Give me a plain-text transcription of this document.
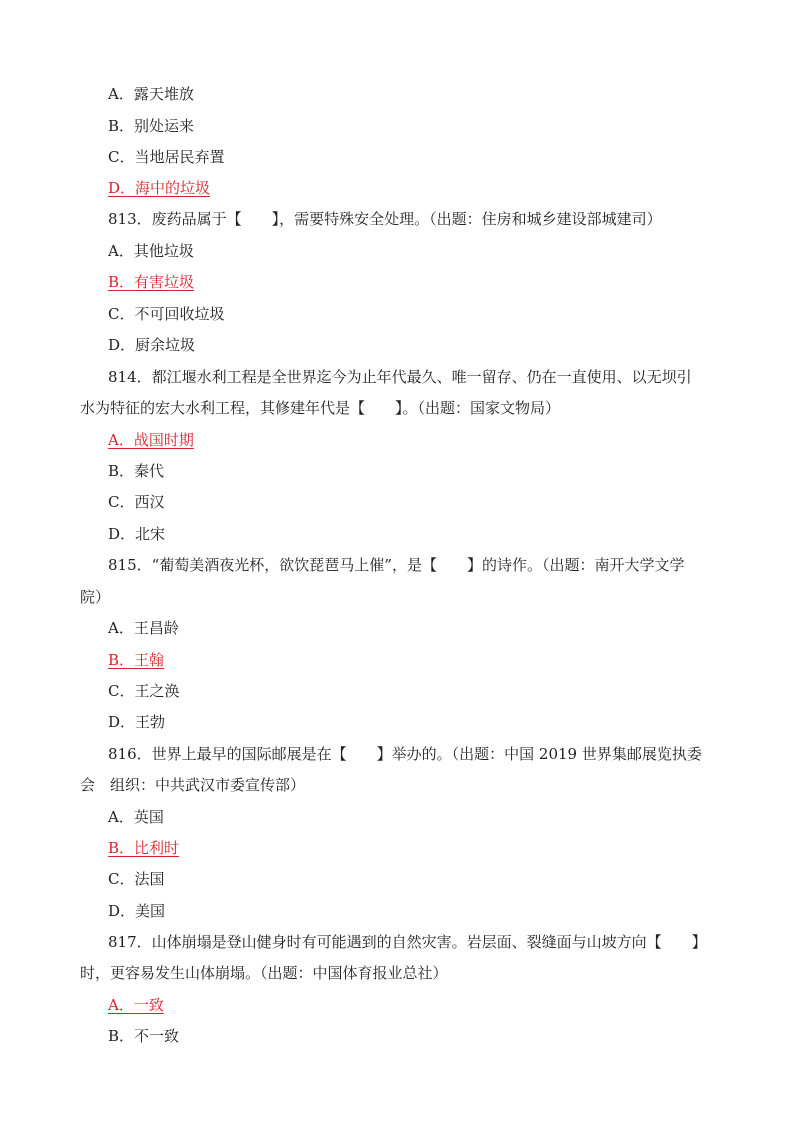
A．露天堆放
B．别处运来
C．当地居民弃置
D．海中的垃圾
813．废药品属于【　　】，需要特殊安全处理。（出题：住房和城乡建设部城建司）
A．其他垃圾
B．有害垃圾
C．不可回收垃圾
D．厨余垃圾
814．都江堰水利工程是全世界迄今为止年代最久、唯一留存、仍在一直使用、以无坝引
水为特征的宏大水利工程，其修建年代是【　　】。（出题：国家文物局）
A．战国时期
B．秦代
C．西汉
D．北宋
815．“葡萄美酒夜光杯，欲饮琵琶马上催”，是【　　】的诗作。（出题：南开大学文学
院）
A．王昌龄
B．王翰
C．王之涣
D．王勃
816．世界上最早的国际邮展是在【　　】举办的。（出题：中国 2019 世界集邮展览执委
会　组织：中共武汉市委宣传部）
A．英国
B．比利时
C．法国
D．美国
817．山体崩塌是登山健身时有可能遇到的自然灾害。岩层面、裂缝面与山坡方向【　　】
时，更容易发生山体崩塌。（出题：中国体育报业总社）
A．一致
B．不一致
